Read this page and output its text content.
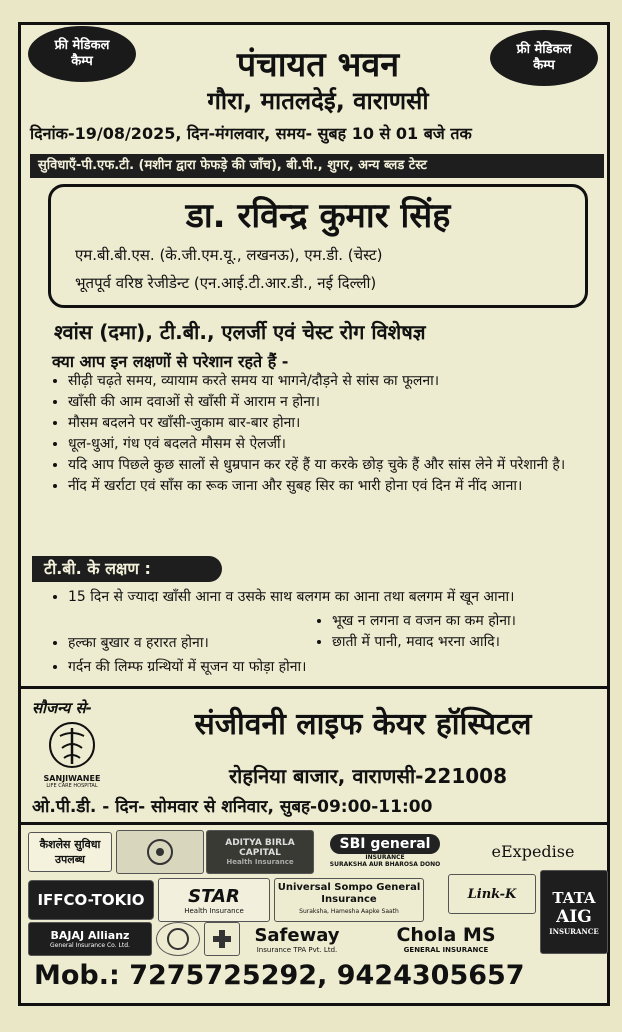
फ्री मेडिकल कैम्प
फ्री मेडिकल कैम्प
पंचायत भवन
गौरा, मातलदेई, वाराणसी
दिनांक-19/08/2025, दिन-मंगलवार, समय- सुबह 10 से 01 बजे तक
सुविधाएँ-पी.एफ.टी. (मशीन द्वारा फेफड़े की जाँच), बी.पी., शुगर, अन्य ब्लड टेस्ट
डा. रविन्द्र कुमार सिंह
एम.बी.बी.एस. (के.जी.एम.यू., लखनऊ), एम.डी. (चेस्ट)
भूतपूर्व वरिष्ठ रेजीडेन्ट (एन.आई.टी.आर.डी., नई दिल्ली)
श्वांस (दमा), टी.बी., एलर्जी एवं चेस्ट रोग विशेषज्ञ
क्या आप इन लक्षणों से परेशान रहते हैं -
• सीढ़ी चढ़ते समय, व्यायाम करते समय या भागने/दौड़ने से सांस का फूलना।
• खाँसी की आम दवाओं से खाँसी में आराम न होना।
• मौसम बदलने पर खाँसी-जुकाम बार-बार होना।
• धूल-धुआं, गंध एवं बदलते मौसम से ऐलर्जी।
• यदि आप पिछले कुछ सालों से धुम्रपान कर रहें हैं या करके छोड़ चुके हैं और सांस लेने में परेशानी है।
• नींद में खर्राटा एवं साँस का रूक जाना और सुबह सिर का भारी होना एवं दिन में नींद आना।
टी.बी. के लक्षण :
• 15 दिन से ज्यादा खाँसी आना व उसके साथ बलगम का आना तथा बलगम में खून आना।
• भूख न लगना व वजन का कम होना।
• छाती में पानी, मवाद भरना आदि।
• हल्का बुखार व हरारत होना।
• गर्दन की लिम्फ ग्रन्थियों में सूजन या फोड़ा होना।
सौजन्य से-
SANJIWANEE
LIFE CARE HOSPITAL
संजीवनी लाइफ केयर हॉस्पिटल
रोहनिया बाजार, वाराणसी-221008
ओ.पी.डी. - दिन- सोमवार से शनिवार, सुबह-09:00-11:00
कैशलेस सुविधा उपलब्ध
ADITYA BIRLA CAPITAL
Health Insurance
SBI general
INSURANCE
SURAKSHA AUR BHAROSA DONO
eExpedise
IFFCO-TOKIO	STAR
Health Insurance
Universal Sompo General Insurance
Suraksha, Hamesha Aapke Saath
Link-K	TATA
AIG
INSURANCE
BAJAJ Allianz
General Insurance Co. Ltd.	Safeway
Insurance TPA Pvt. Ltd.
Chola MS
GENERAL INSURANCE
Mob.: 7275725292, 9424305657
